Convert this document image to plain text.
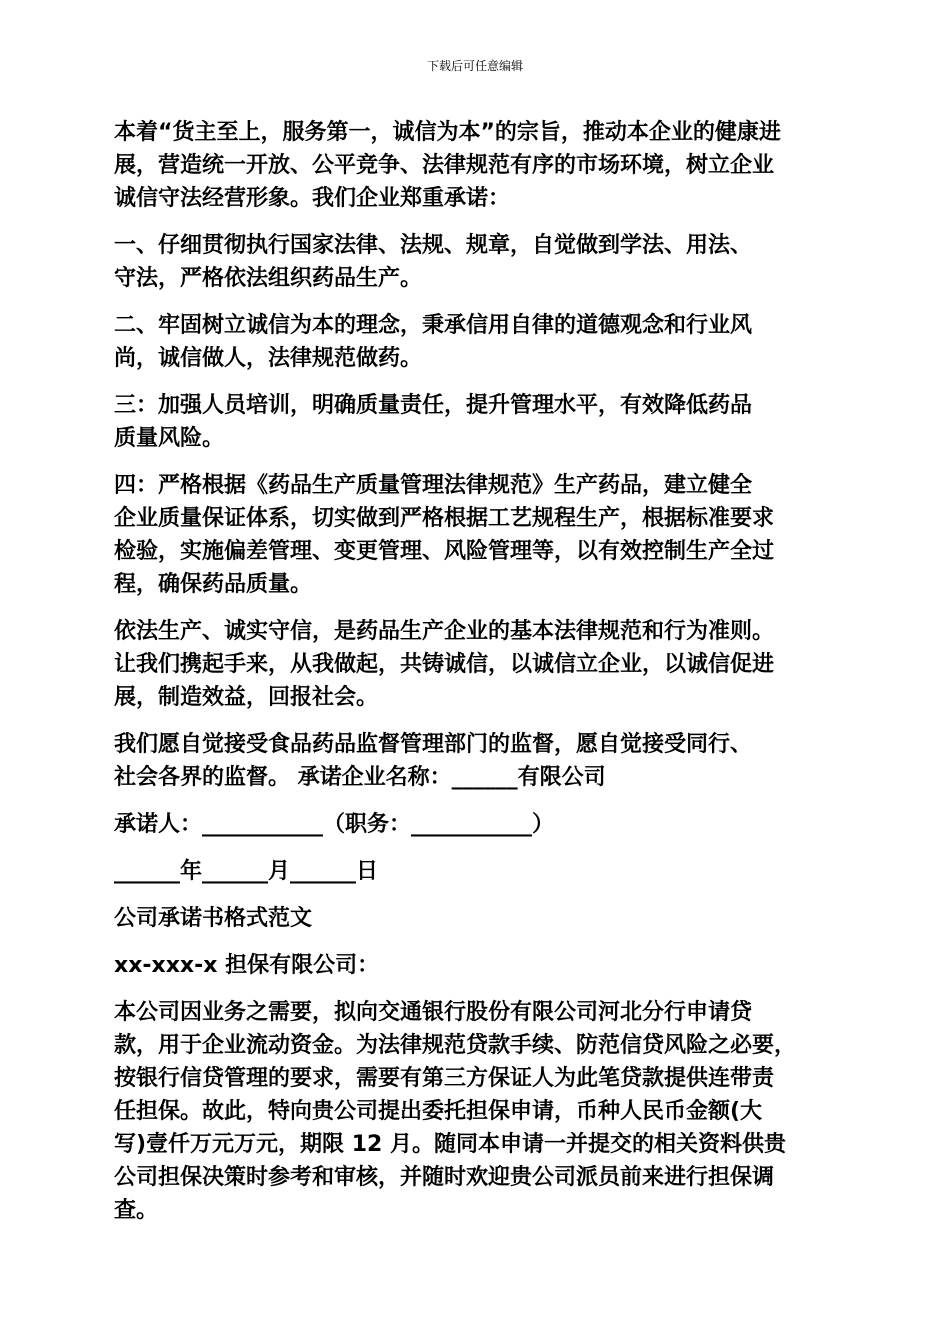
下载后可任意编辑

本着“货主至上，服务第一，诚信为本”的宗旨，推动本企业的健康进
展，营造统一开放、公平竞争、法律规范有序的市场环境，树立企业
诚信守法经营形象。我们企业郑重承诺：

一、仔细贯彻执行国家法律、法规、规章，自觉做到学法、用法、
守法，严格依法组织药品生产。

二、牢固树立诚信为本的理念，秉承信用自律的道德观念和行业风
尚，诚信做人，法律规范做药。

三：加强人员培训，明确质量责任，提升管理水平，有效降低药品
质量风险。

四：严格根据《药品生产质量管理法律规范》生产药品，建立健全
企业质量保证体系，切实做到严格根据工艺规程生产，根据标准要求
检验，实施偏差管理、变更管理、风险管理等，以有效控制生产全过
程，确保药品质量。

依法生产、诚实守信，是药品生产企业的基本法律规范和行为准则。
让我们携起手来，从我做起，共铸诚信，以诚信立企业，以诚信促进
展，制造效益，回报社会。

我们愿自觉接受食品药品监督管理部门的监督，愿自觉接受同行、
社会各界的监督。 承诺企业名称：______有限公司

承诺人：___________（职务：___________）

______年______月______日

公司承诺书格式范文

xx-xxx-x 担保有限公司：

本公司因业务之需要，拟向交通银行股份有限公司河北分行申请贷
款，用于企业流动资金。为法律规范贷款手续、防范信贷风险之必要，
按银行信贷管理的要求，需要有第三方保证人为此笔贷款提供连带责
任担保。故此，特向贵公司提出委托担保申请，币种人民币金额(大
写)壹仟万元万元，期限 12 月。随同本申请一并提交的相关资料供贵
公司担保决策时参考和审核，并随时欢迎贵公司派员前来进行担保调
查。
